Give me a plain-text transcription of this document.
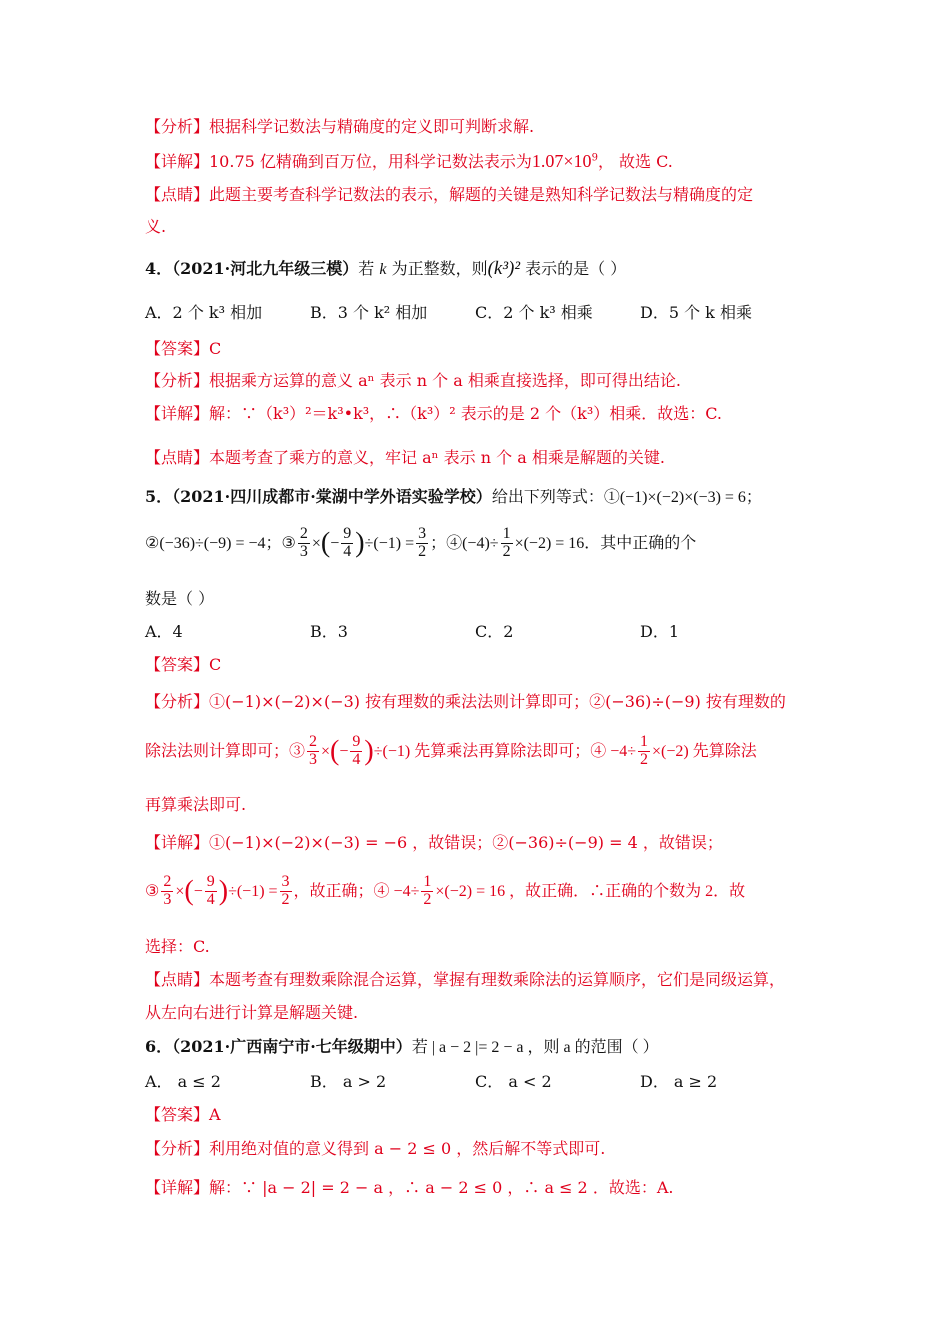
【分析】根据科学记数法与精确度的定义即可判断求解.
【详解】10.75 亿精确到百万位，用科学记数法表示为$1.07\times 10^9$， 故选 C.
【点睛】此题主要考查科学记数法的表示，解题的关键是熟知科学记数法与精确度的定
义.
4．（2021·河北九年级三模）若 k 为正整数，则(k³)² 表示的是（ ）
A．2 个 k³ 相加	B．3 个 k² 相加	C．2 个 k³ 相乘	D．5 个 k 相乘
【答案】C
【分析】根据乘方运算的意义 aⁿ 表示 n 个 a 相乘直接选择，即可得出结论.
【详解】解：∵（k³）²＝k³•k³，∴（k³）² 表示的是 2 个（k³）相乘．故选：C.
【点睛】本题考查了乘方的意义，牢记 aⁿ 表示 n 个 a 相乘是解题的关键.
5．（2021·四川成都市·棠湖中学外语实验学校）给出下列等式：①(−1)×(−2)×(−3) = 6；
②(−36)÷(−9) = −4；③ $\frac{2}{3}$ ×(− $\frac{9}{4} )\div(-1) = \frac{3}{2}$ ；④(−4)÷ $\frac{1}{2} \times(-2) = 16$．其中正确的个
数是（ ）
A．4	B．3	C．2	D．1
【答案】C
【分析】①(−1)×(−2)×(−3) 按有理数的乘法法则计算即可；②(−36)÷(−9) 按有理数的
除法法则计算即可；③ $\frac{2}{3}$ ×(− $\frac{9}{4} )\div(-1)$ 先算乘法再算除法即可；④ $-4\div \frac{1}{2} \times(-2)$ 先算除法
再算乘法即可.
【详解】①(−1)×(−2)×(−3) = −6 ，故错误；②(−36)÷(−9) = 4 ，故错误；
③ $\frac{2}{3}$ ×(− $\frac{9}{4} )\div(-1) = \frac{3}{2}$ ，故正确；④ $-4\div \frac{1}{2} \times(-2) = 16$ ，故正确．∴正确的个数为 2．故
选择：C.
【点睛】本题考查有理数乘除混合运算，掌握有理数乘除法的运算顺序，它们是同级运算，
从左向右进行计算是解题关键.
6．（2021·广西南宁市·七年级期中）若 | a − 2 |= 2 − a ，则 a 的范围（ ）
A． a ≤ 2	B． a > 2	C． a < 2	D． a ≥ 2
【答案】A
【分析】利用绝对值的意义得到 a − 2 ≤ 0 ，然后解不等式即可.
【详解】解：∵ |a − 2| = 2 − a ，∴ a − 2 ≤ 0 ，∴ a ≤ 2 ．故选：A.
